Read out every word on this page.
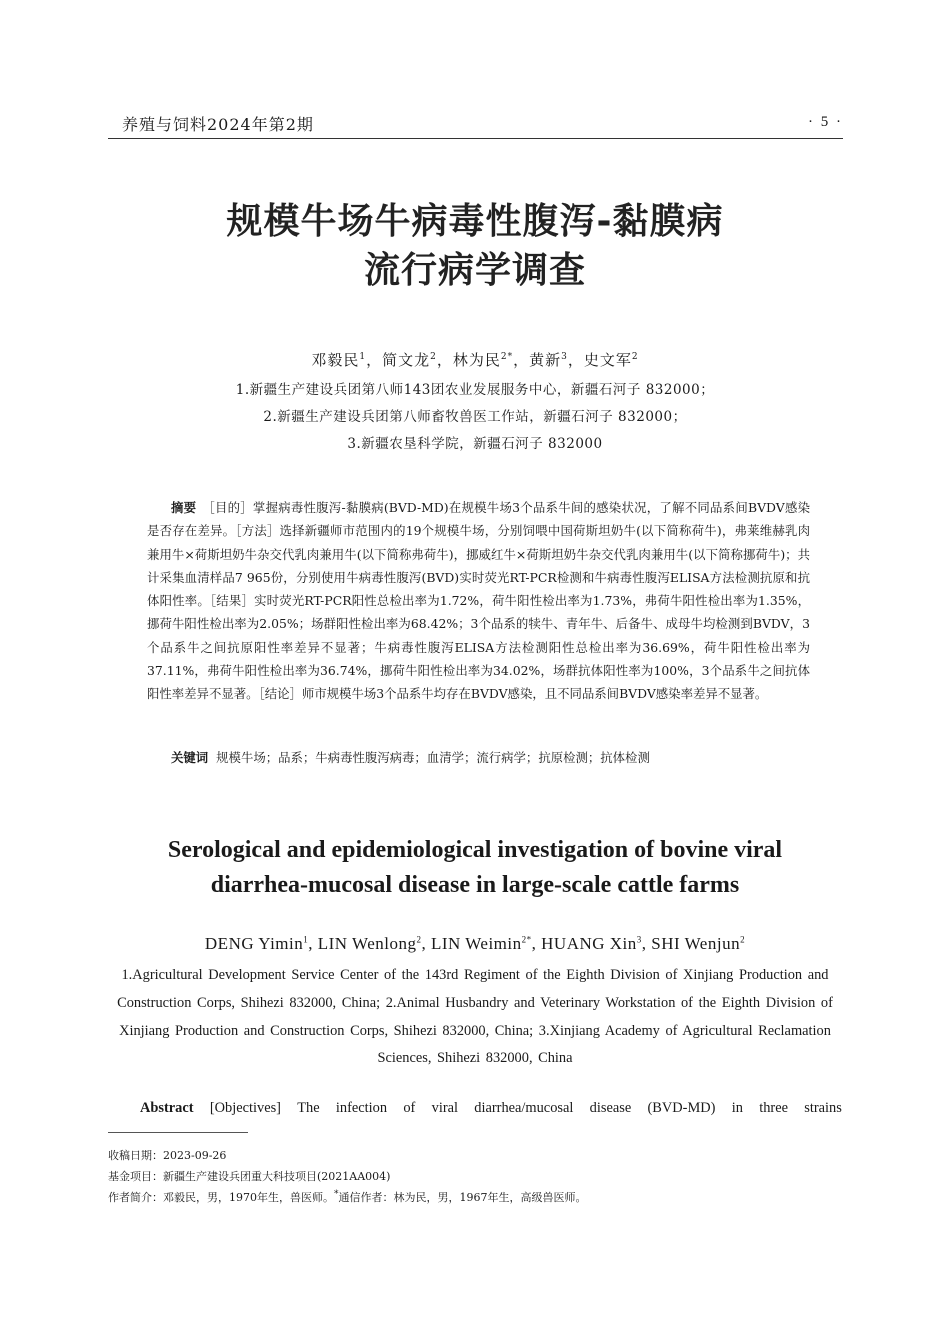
养殖与饲料2024年第2期	· 5 ·
规模牛场牛病毒性腹泻-黏膜病
流行病学调查
邓毅民$^1$，简文龙$^2$，林为民$^{2*}$，黄新$^3$，史文军$^2$
1.新疆生产建设兵团第八师143团农业发展服务中心，新疆石河子 832000；
2.新疆生产建设兵团第八师畜牧兽医工作站，新疆石河子 832000；
3.新疆农垦科学院，新疆石河子 832000
摘要 ［目的］掌握病毒性腹泻-黏膜病(BVD-MD)在规模牛场3个品系牛间的感染状况，了解不同品系间BVDV感染是否存在差异。［方法］选择新疆师市范围内的19个规模牛场，分别饲喂中国荷斯坦奶牛(以下简称荷牛)，弗莱维赫乳肉兼用牛×荷斯坦奶牛杂交代乳肉兼用牛(以下简称弗荷牛)，挪威红牛×荷斯坦奶牛杂交代乳肉兼用牛(以下简称挪荷牛)；共计采集血清样品7 965份，分别使用牛病毒性腹泻(BVD)实时荧光RT-PCR检测和牛病毒性腹泻ELISA方法检测抗原和抗体阳性率。［结果］实时荧光RT-PCR阳性总检出率为1.72%，荷牛阳性检出率为1.73%，弗荷牛阳性检出率为1.35%，挪荷牛阳性检出率为2.05%；场群阳性检出率为68.42%；3个品系的犊牛、青年牛、后备牛、成母牛均检测到BVDV，3个品系牛之间抗原阳性率差异不显著；牛病毒性腹泻ELISA方法检测阳性总检出率为36.69%，荷牛阳性检出率为37.11%，弗荷牛阳性检出率为36.74%，挪荷牛阳性检出率为34.02%，场群抗体阳性率为100%，3个品系牛之间抗体阳性率差异不显著。［结论］师市规模牛场3个品系牛均存在BVDV感染，且不同品系间BVDV感染率差异不显著。
关键词 规模牛场；品系；牛病毒性腹泻病毒；血清学；流行病学；抗原检测；抗体检测
Serological and epidemiological investigation of bovine viral
diarrhea-mucosal disease in large-scale cattle farms
DENG Yimin$^1$, LIN Wenlong$^2$, LIN Weimin$^{2*}$, HUANG Xin$^3$, SHI Wenjun$^2$
1.Agricultural Development Service Center of the 143rd Regiment of the Eighth Division of Xinjiang Production and Construction Corps, Shihezi 832000, China; 2.Animal Husbandry and Veterinary Workstation of the Eighth Division of Xinjiang Production and Construction Corps, Shihezi 832000, China; 3.Xinjiang Academy of Agricultural Reclamation Sciences, Shihezi 832000, China
Abstract [Objectives] The infection of viral diarrhea/mucosal disease (BVD-MD) in three strains
收稿日期：2023-09-26
基金项目：新疆生产建设兵团重大科技项目(2021AA004)
作者简介：邓毅民，男，1970年生，兽医师。*通信作者：林为民，男，1967年生，高级兽医师。
